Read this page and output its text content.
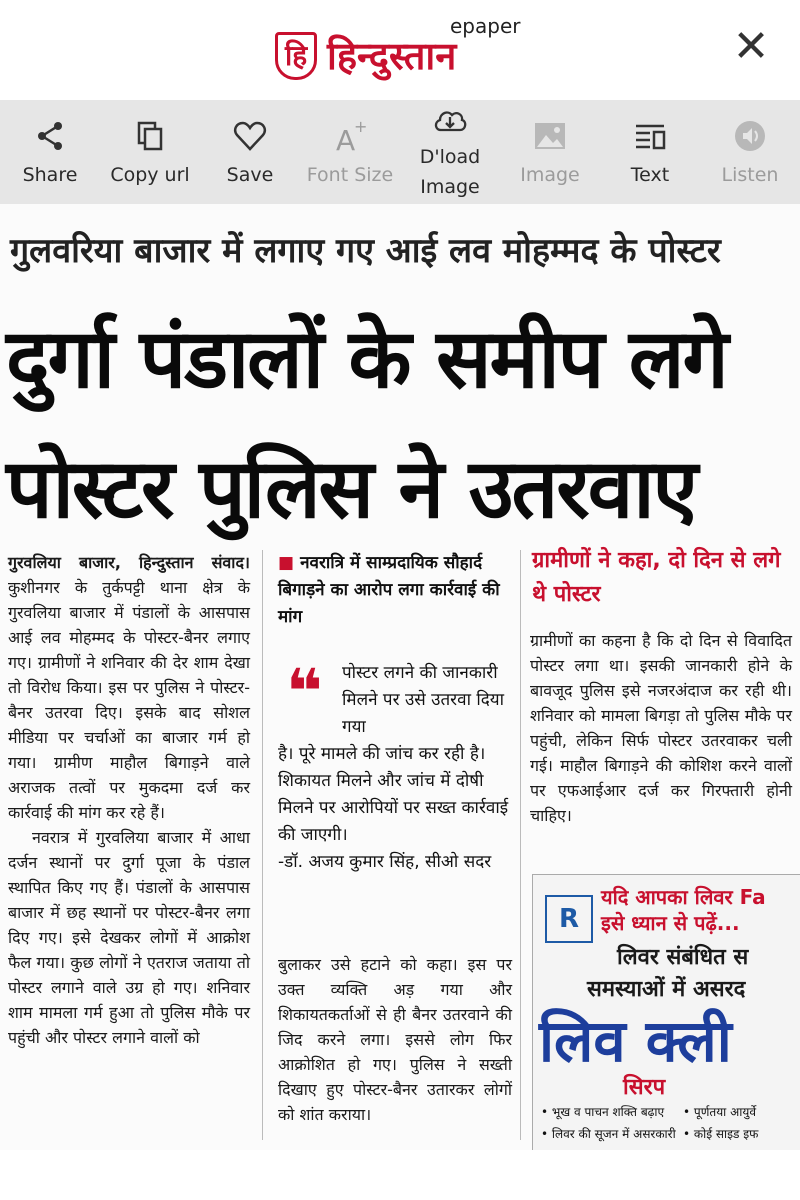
हि
epaper
हिन्दुस्तान	✕
Share Copy url Save
A
+
Font Size
D'load Image
Image	Text	Listen
गुलवरिया बाजार में लगाए गए आई लव मोहम्मद के पोस्टर
दुर्गा पंडालों के समीप लगे
पोस्टर पुलिस ने उतरवाए
गुरवलिया बाजार, हिन्दुस्तान संवाद। कुशीनगर के तुर्कपट्टी थाना क्षेत्र के गुरवलिया बाजार में पंडालों के आसपास आई लव मोहम्मद के पोस्टर-बैनर लगाए गए। ग्रामीणों ने शनिवार की देर शाम देखा तो विरोध किया। इस पर पुलिस ने पोस्टर-बैनर उतरवा दिए। इसके बाद सोशल मीडिया पर चर्चाओं का बाजार गर्म हो गया। ग्रामीण माहौल बिगाड़ने वाले अराजक तत्वों पर मुकदमा दर्ज कर कार्रवाई की मांग कर रहे हैं।
नवरात्र में गुरवलिया बाजार में आधा दर्जन स्थानों पर दुर्गा पूजा के पंडाल स्थापित किए गए हैं। पंडालों के आसपास बाजार में छह स्थानों पर पोस्टर-बैनर लगा दिए गए। इसे देखकर लोगों में आक्रोश फैल गया। कुछ लोगों ने एतराज जताया तो पोस्टर लगाने वाले उग्र हो गए। शनिवार शाम मामला गर्म हुआ तो पुलिस मौके पर पहुंची और पोस्टर लगाने वालों को
■ नवरात्रि में साम्प्रदायिक सौहार्द बिगाड़ने का आरोप लगा कार्रवाई की मांग
❝	पोस्टर लगने की जानकारी मिलने पर उसे उतरवा दिया गया
है। पूरे मामले की जांच कर रही है। शिकायत मिलने और जांच में दोषी मिलने पर आरोपियों पर सख्त कार्रवाई की जाएगी।
-डॉ. अजय कुमार सिंह, सीओ सदर
बुलाकर उसे हटाने को कहा। इस पर उक्त व्यक्ति अड़ गया और शिकायतकर्ताओं से ही बैनर उतरवाने की जिद करने लगा। इससे लोग फिर आक्रोशित हो गए। पुलिस ने सख्ती दिखाए हुए पोस्टर-बैनर उतारकर लोगों को शांत कराया।
ग्रामीणों ने कहा, दो दिन से लगे थे पोस्टर
ग्रामीणों का कहना है कि दो दिन से विवादित पोस्टर लगा था। इसकी जानकारी होने के बावजूद पुलिस इसे नजरअंदाज कर रही थी। शनिवार को मामला बिगड़ा तो पुलिस मौके पर पहुंची, लेकिन सिर्फ पोस्टर उतरवाकर चली गई। माहौल बिगाड़ने की कोशिश करने वालों पर एफआईआर दर्ज कर गिरफ्तारी होनी चाहिए।
R
यदि आपका लिवर Fa
इसे ध्यान से पढ़ें...
लिवर संबंधित स
समस्याओं में असरद
लिव क्ली
सिरप
• भूख व पाचन शक्ति बढ़ाए
• लिवर की सूजन में असरकारी
• पूर्णतया आयुर्वे
• कोई साइड इफ
